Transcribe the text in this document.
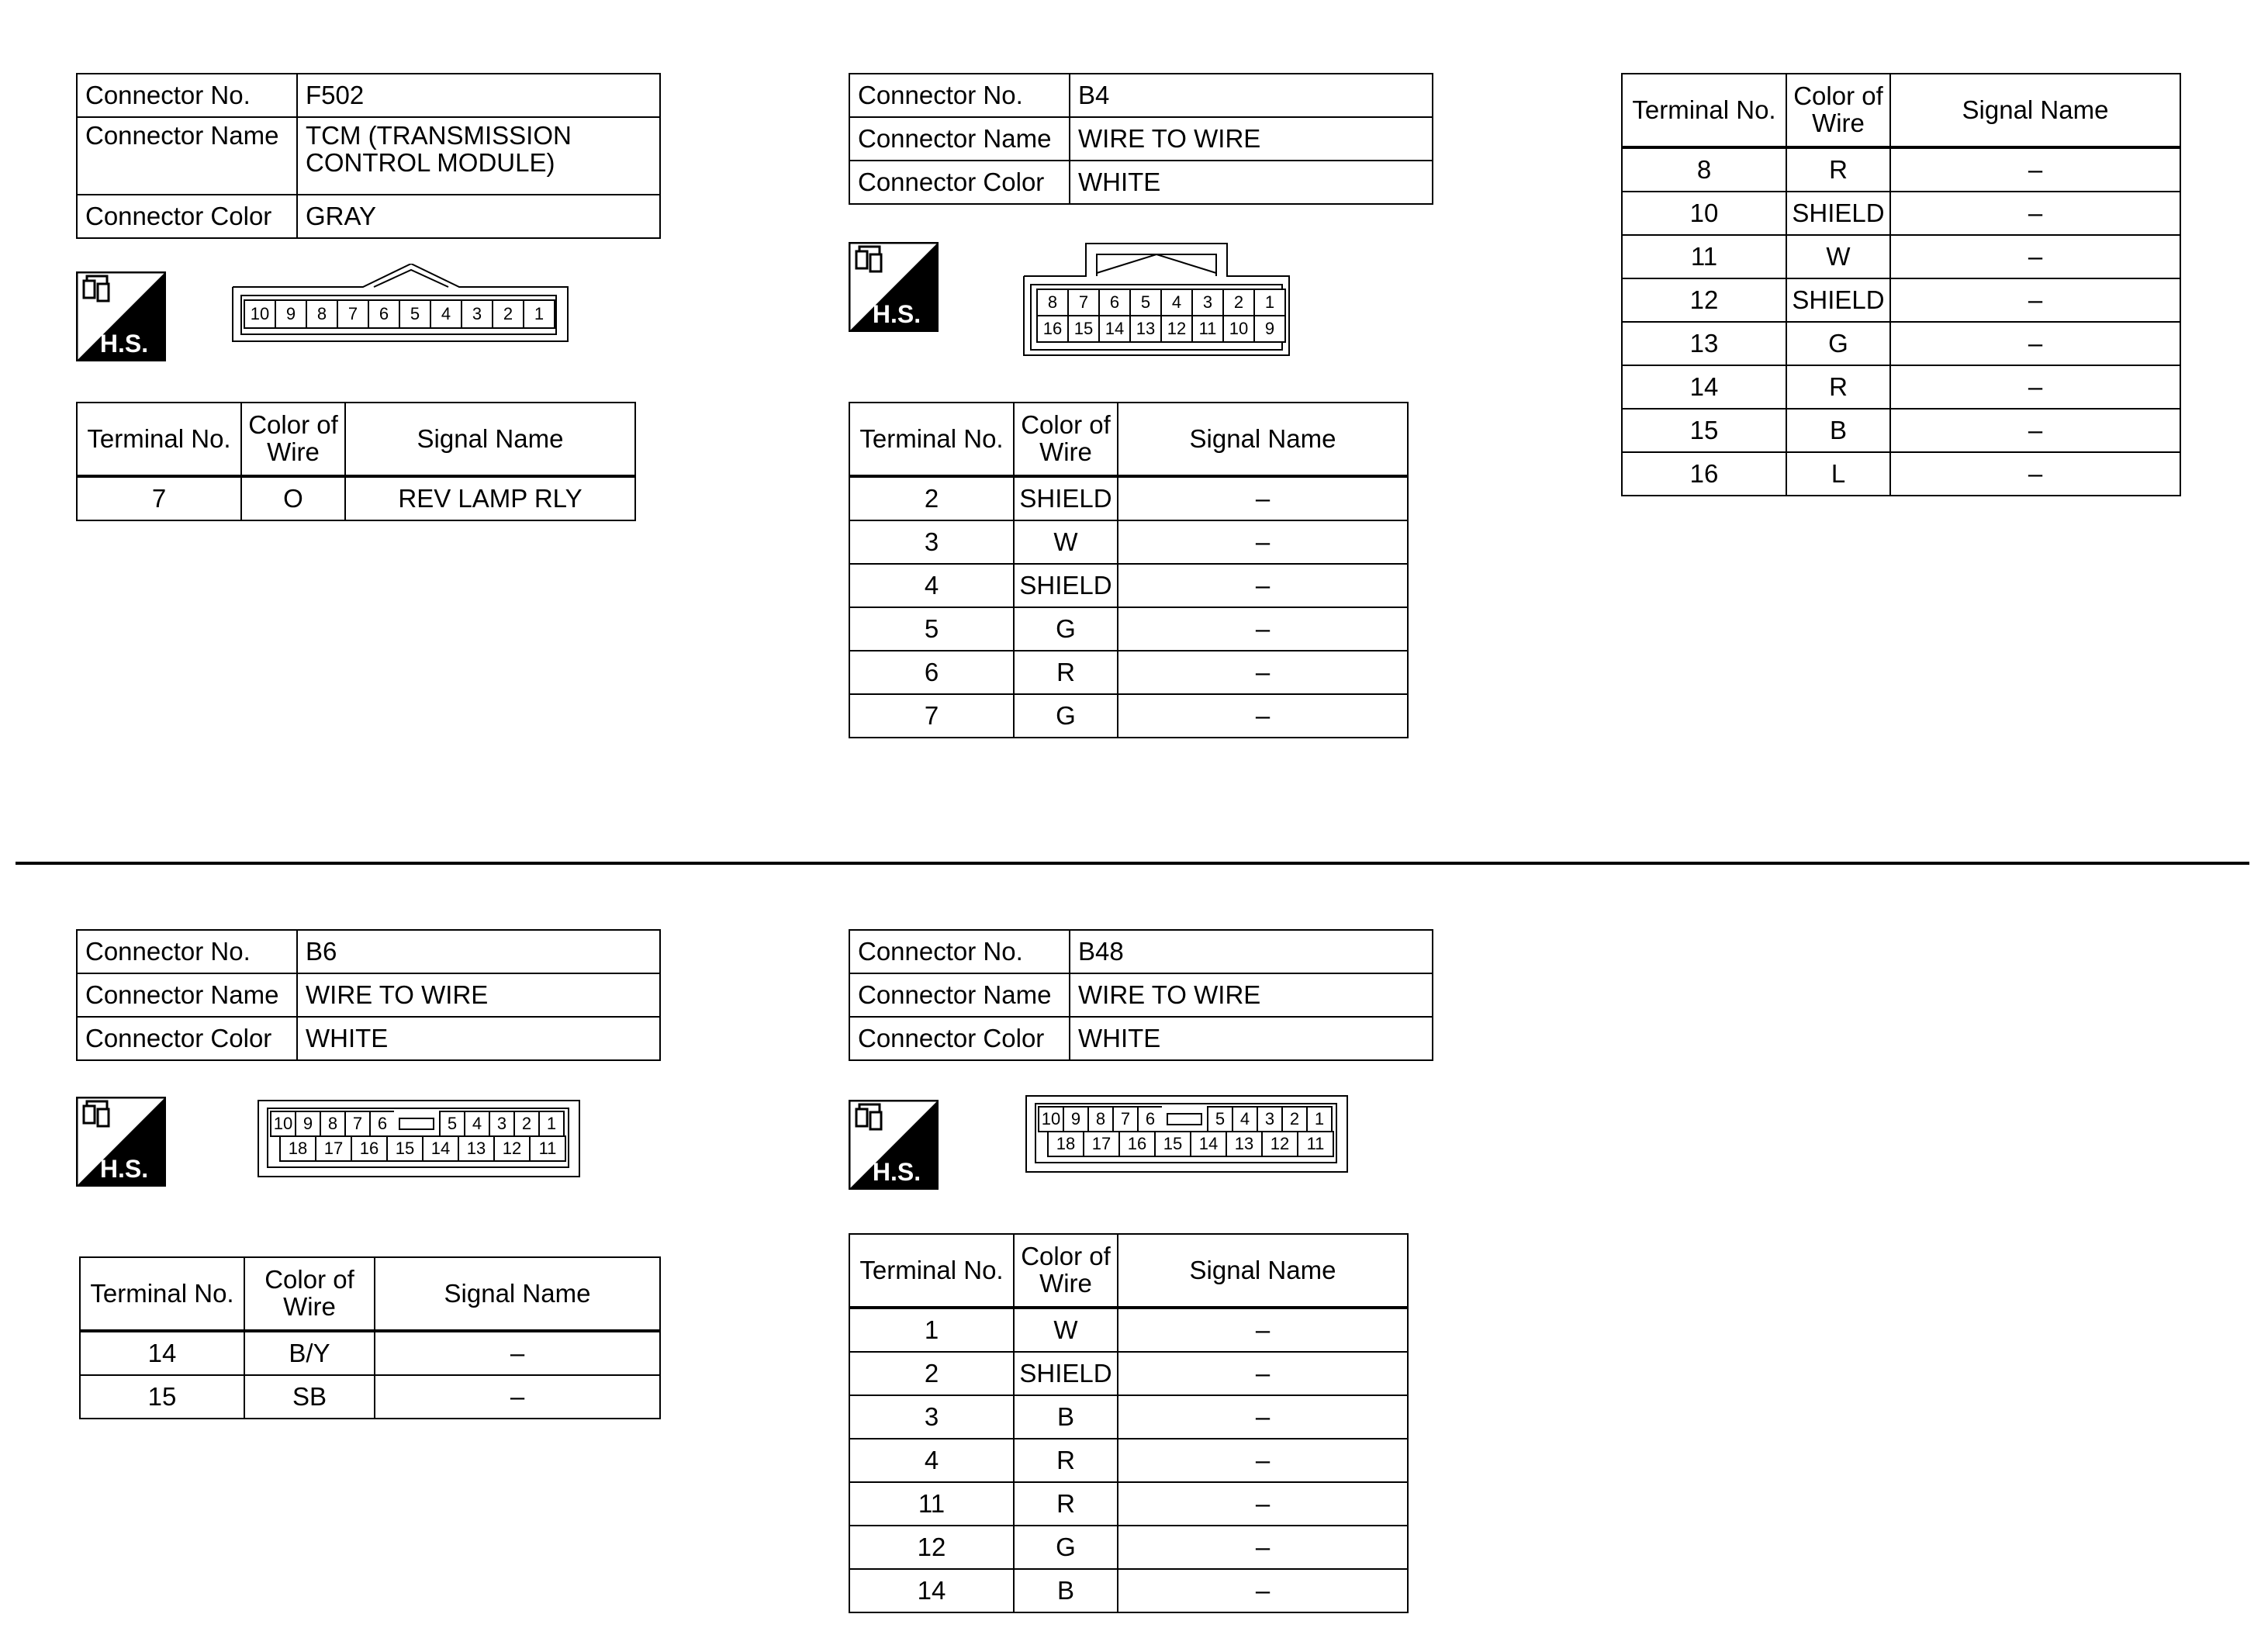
Connector No.	F502
Connector Name	TCM (TRANSMISSION CONTROL MODULE)
Connector Color	GRAY
H.S.
10 9	8	7	6	5	4	3	2	1
Terminal No.	Color of Wire	Signal Name
7	O	REV LAMP RLY
Connector No.	B4
Connector Name	WIRE TO WIRE
Connector Color	WHITE
H.S.	8	7	6	5	4	3	2	1
16 15 14 13 12 11 10 9
Terminal No.	Color of Wire	Signal Name
2	SHIELD	–
3	W	–
4	SHIELD	–
5	G	–
6	R	–
7	G	–
Terminal No.	Color of Wire	Signal Name
8	R	–
10	SHIELD	–
11	W	–
12	SHIELD	–
13	G	–
14	R	–
15	B	–
16	L	–
Connector No.	B6
Connector Name	WIRE TO WIRE
Connector Color	WHITE
H.S.
10 9 8 7 6	5 4 3 2 1
18 17 16 15 14 13 12	11
Terminal No.	Color of Wire	Signal Name
14	B/Y	–
15	SB	–
Connector No.	B48
Connector Name	WIRE TO WIRE
Connector Color	WHITE
H.S.
10 9 8 7 6	5 4 3 2 1
18 17 16 15 14 13 12	11
Terminal No.	Color of Wire	Signal Name
1	W	–
2	SHIELD	–
3	B	–
4	R	–
11	R	–
12	G	–
14	B	–
